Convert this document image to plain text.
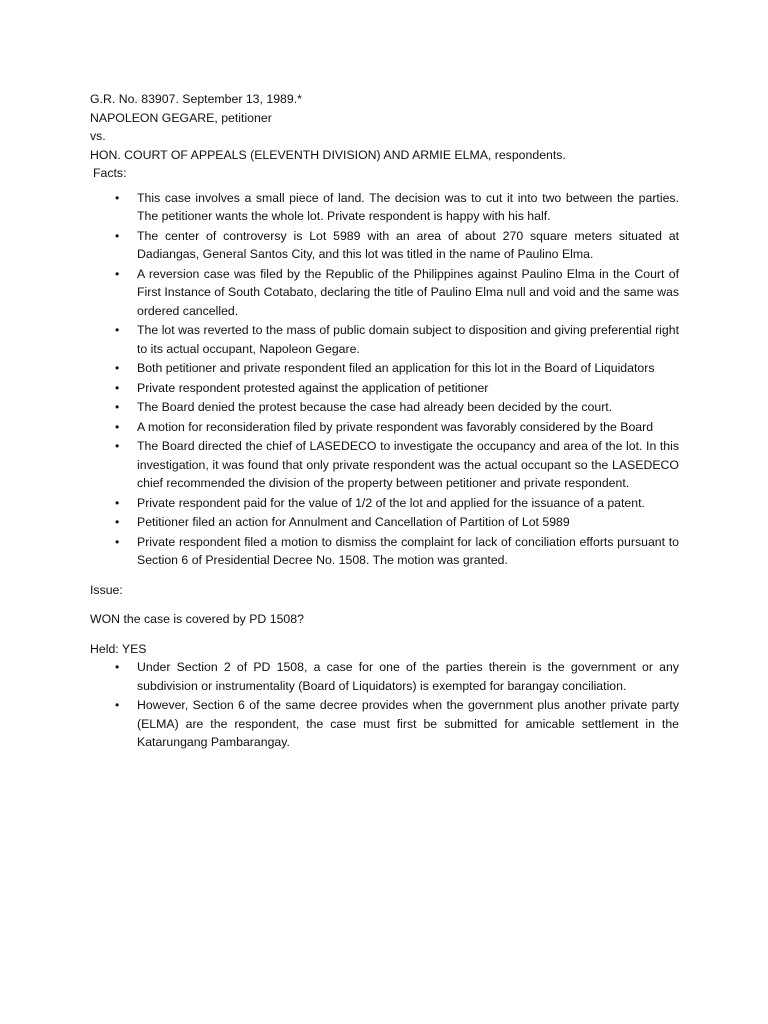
G.R. No. 83907. September 13, 1989.*
NAPOLEON GEGARE, petitioner
vs.
HON. COURT OF APPEALS (ELEVENTH DIVISION) AND ARMIE ELMA, respondents.
Facts:
• This case involves a small piece of land. The decision was to cut it into two between the parties. The petitioner wants the whole lot. Private respondent is happy with his half.
• The center of controversy is Lot 5989 with an area of about 270 square meters situated at Dadiangas, General Santos City, and this lot was titled in the name of Paulino Elma.
• A reversion case was filed by the Republic of the Philippines against Paulino Elma in the Court of First Instance of South Cotabato, declaring the title of Paulino Elma null and void and the same was ordered cancelled.
• The lot was reverted to the mass of public domain subject to disposition and giving preferential right to its actual occupant, Napoleon Gegare.
• Both petitioner and private respondent filed an application for this lot in the Board of Liquidators
• Private respondent protested against the application of petitioner
• The Board denied the protest because the case had already been decided by the court.
• A motion for reconsideration filed by private respondent was favorably considered by the Board
• The Board directed the chief of LASEDECO to investigate the occupancy and area of the lot. In this investigation, it was found that only private respondent was the actual occupant so the LASEDECO chief recommended the division of the property between petitioner and private respondent.
• Private respondent paid for the value of 1/2 of the lot and applied for the issuance of a patent.
• Petitioner filed an action for Annulment and Cancellation of Partition of Lot 5989
• Private respondent filed a motion to dismiss the complaint for lack of conciliation efforts pursuant to Section 6 of Presidential Decree No. 1508. The motion was granted.
Issue:
WON the case is covered by PD 1508?
Held: YES
• Under Section 2 of PD 1508, a case for one of the parties therein is the government or any subdivision or instrumentality (Board of Liquidators) is exempted for barangay conciliation.
• However, Section 6 of the same decree provides when the government plus another private party (ELMA) are the respondent, the case must first be submitted for amicable settlement in the Katarungang Pambarangay.
